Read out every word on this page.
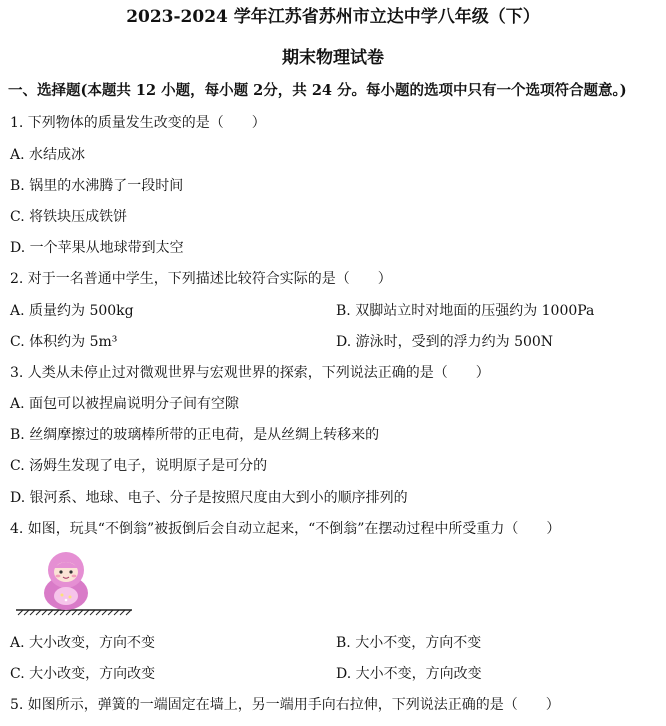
2023-2024 学年江苏省苏州市立达中学八年级（下）
期末物理试卷
一、选择题(本题共 12 小题，每小题 2分，共 24 分。每小题的选项中只有一个选项符合题意。)
1. 下列物体的质量发生改变的是（　　）
A. 水结成冰
B. 锅里的水沸腾了一段时间
C. 将铁块压成铁饼
D. 一个苹果从地球带到太空
2. 对于一名普通中学生，下列描述比较符合实际的是（　　）
A. 质量约为 500kg	B. 双脚站立时对地面的压强约为 1000Pa
C. 体积约为 5m³	D. 游泳时，受到的浮力约为 500N
3. 人类从未停止过对微观世界与宏观世界的探索，下列说法正确的是（　　）
A. 面包可以被捏扁说明分子间有空隙
B. 丝绸摩擦过的玻璃棒所带的正电荷，是从丝绸上转移来的
C. 汤姆生发现了电子，说明原子是可分的
D. 银河系、地球、电子、分子是按照尺度由大到小的顺序排列的
4. 如图，玩具“不倒翁”被扳倒后会自动立起来，“不倒翁”在摆动过程中所受重力（　　）
A. 大小改变，方向不变	B. 大小不变，方向不变
C. 大小改变，方向改变	D. 大小不变，方向改变
5. 如图所示，弹簧的一端固定在墙上，另一端用手向右拉伸，下列说法正确的是（　　）
